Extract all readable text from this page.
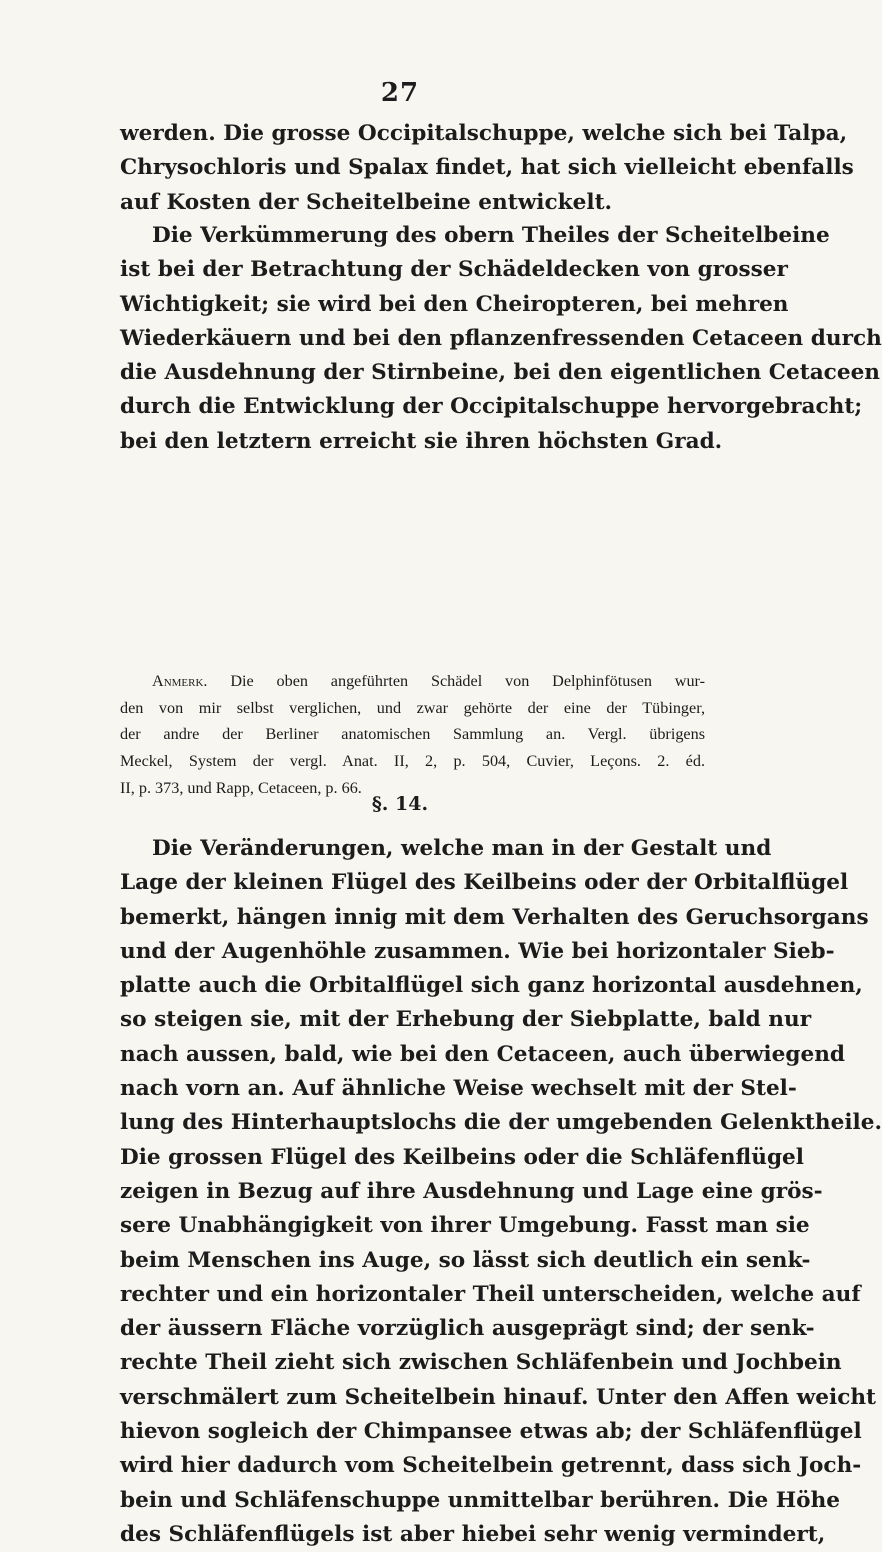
27
werden. Die grosse Occipitalschuppe, welche sich bei Talpa,
Chrysochloris und Spalax findet, hat sich vielleicht ebenfalls
auf Kosten der Scheitelbeine entwickelt.
Die Verkümmerung des obern Theiles der Scheitelbeine
ist bei der Betrachtung der Schädeldecken von grosser
Wichtigkeit; sie wird bei den Cheiropteren, bei mehren
Wiederkäuern und bei den pflanzenfressenden Cetaceen durch
die Ausdehnung der Stirnbeine, bei den eigentlichen Cetaceen
durch die Entwicklung der Occipitalschuppe hervorgebracht;
bei den letztern erreicht sie ihren höchsten Grad.
Anmerk. Die oben angeführten Schädel von Delphinfötusen wur-
den von mir selbst verglichen, und zwar gehörte der eine der Tübinger,
der andre der Berliner anatomischen Sammlung an. Vergl. übrigens
Meckel, System der vergl. Anat. II, 2, p. 504, Cuvier, Leçons. 2. éd.
II, p. 373, und Rapp, Cetaceen, p. 66.
§. 14.
Die Veränderungen, welche man in der Gestalt und
Lage der kleinen Flügel des Keilbeins oder der Orbitalflügel
bemerkt, hängen innig mit dem Verhalten des Geruchsorgans
und der Augenhöhle zusammen. Wie bei horizontaler Sieb-
platte auch die Orbitalflügel sich ganz horizontal ausdehnen,
so steigen sie, mit der Erhebung der Siebplatte, bald nur
nach aussen, bald, wie bei den Cetaceen, auch überwiegend
nach vorn an. Auf ähnliche Weise wechselt mit der Stel-
lung des Hinterhauptslochs die der umgebenden Gelenktheile.
Die grossen Flügel des Keilbeins oder die Schläfenflügel
zeigen in Bezug auf ihre Ausdehnung und Lage eine grös-
sere Unabhängigkeit von ihrer Umgebung. Fasst man sie
beim Menschen ins Auge, so lässt sich deutlich ein senk-
rechter und ein horizontaler Theil unterscheiden, welche auf
der äussern Fläche vorzüglich ausgeprägt sind; der senk-
rechte Theil zieht sich zwischen Schläfenbein und Jochbein
verschmälert zum Scheitelbein hinauf. Unter den Affen weicht
hievon sogleich der Chimpansee etwas ab; der Schläfenflügel
wird hier dadurch vom Scheitelbein getrennt, dass sich Joch-
bein und Schläfenschuppe unmittelbar berühren. Die Höhe
des Schläfenflügels ist aber hiebei sehr wenig vermindert,
